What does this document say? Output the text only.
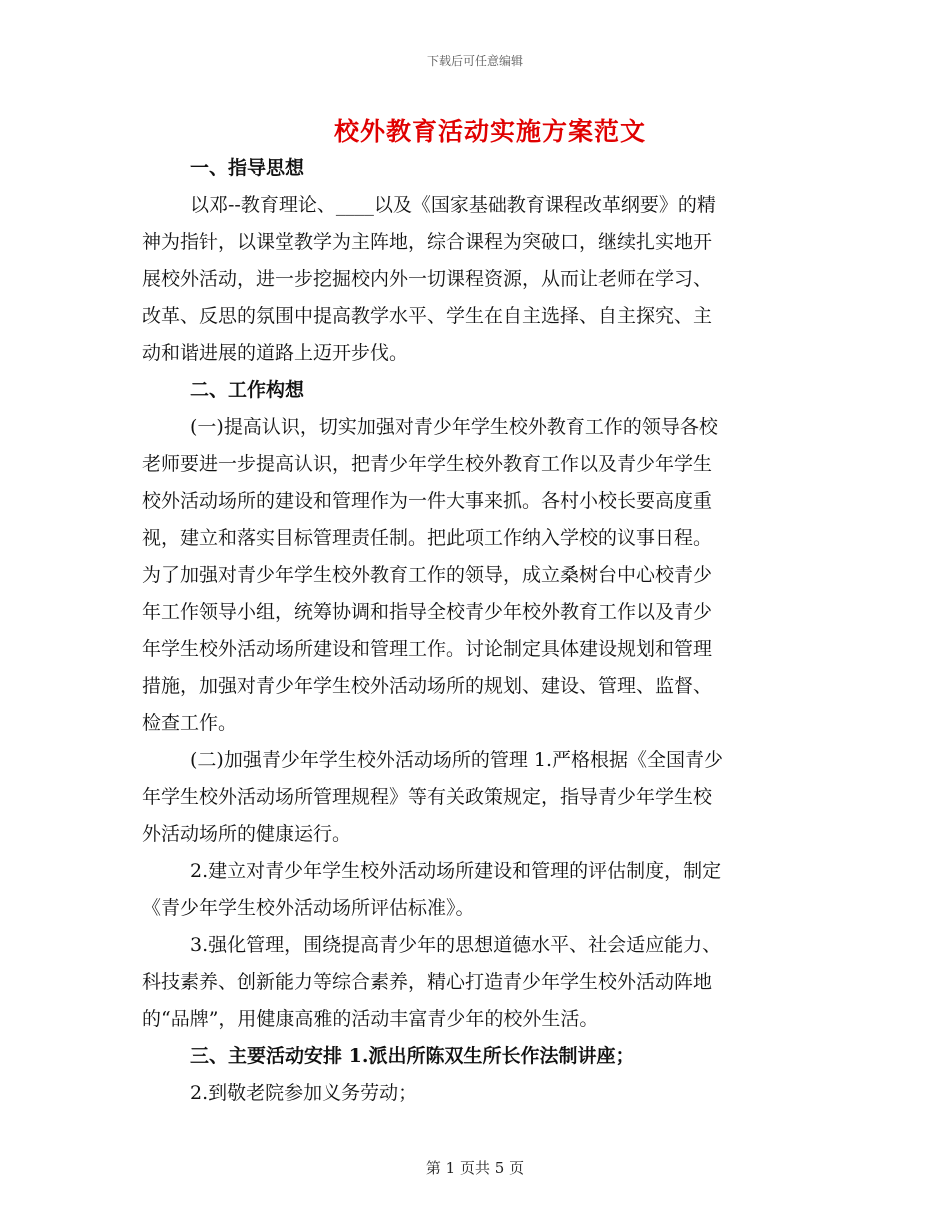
下载后可任意编辑
校外教育活动实施方案范文
一、指导思想
以邓--教育理论、____以及《国家基础教育课程改革纲要》的精
神为指针，以课堂教学为主阵地，综合课程为突破口，继续扎实地开
展校外活动，进一步挖掘校内外一切课程资源，从而让老师在学习、
改革、反思的氛围中提高教学水平、学生在自主选择、自主探究、主
动和谐进展的道路上迈开步伐。
二、工作构想
(一)提高认识，切实加强对青少年学生校外教育工作的领导各校
老师要进一步提高认识，把青少年学生校外教育工作以及青少年学生
校外活动场所的建设和管理作为一件大事来抓。各村小校长要高度重
视，建立和落实目标管理责任制。把此项工作纳入学校的议事日程。
为了加强对青少年学生校外教育工作的领导，成立桑树台中心校青少
年工作领导小组，统筹协调和指导全校青少年校外教育工作以及青少
年学生校外活动场所建设和管理工作。讨论制定具体建设规划和管理
措施，加强对青少年学生校外活动场所的规划、建设、管理、监督、
检查工作。
(二)加强青少年学生校外活动场所的管理 1.严格根据《全国青少
年学生校外活动场所管理规程》等有关政策规定，指导青少年学生校
外活动场所的健康运行。
2.建立对青少年学生校外活动场所建设和管理的评估制度，制定
《青少年学生校外活动场所评估标准》。
3.强化管理，围绕提高青少年的思想道德水平、社会适应能力、
科技素养、创新能力等综合素养，精心打造青少年学生校外活动阵地
的“品牌”，用健康高雅的活动丰富青少年的校外生活。
三、主要活动安排 1.派出所陈双生所长作法制讲座；
2.到敬老院参加义务劳动；
第 1 页共 5 页
